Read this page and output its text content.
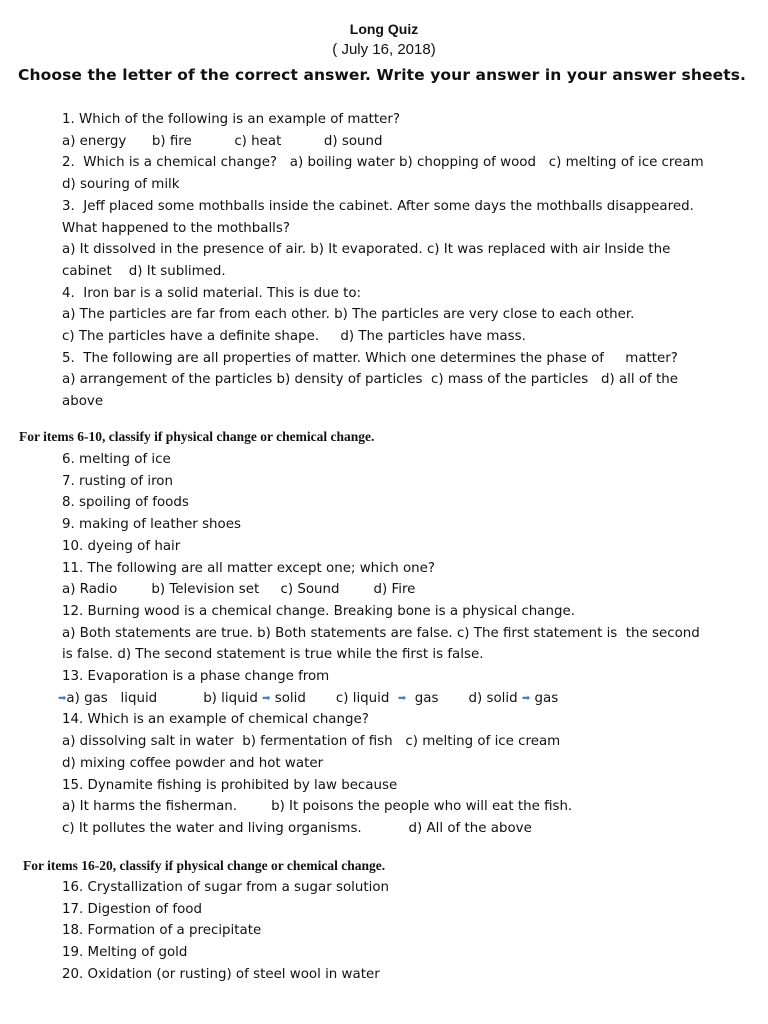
Long Quiz
( July 16, 2018)
Choose the letter of the correct answer. Write your answer in your answer sheets.

1. Which of the following is an example of matter?

a) energy      b) fire          c) heat          d) sound

2.  Which is a chemical change?   a) boiling water b) chopping of wood   c) melting of ice cream

d) souring of milk

3.  Jeff placed some mothballs inside the cabinet. After some days the mothballs disappeared.

What happened to the mothballs?

a) It dissolved in the presence of air. b) It evaporated. c) It was replaced with air Inside the

cabinet    d) It sublimed.

4.  Iron bar is a solid material. This is due to:

a) The particles are far from each other. b) The particles are very close to each other.

c) The particles have a definite shape.     d) The particles have mass.

5.  The following are all properties of matter. Which one determines the phase of     matter?

a) arrangement of the particles b) density of particles  c) mass of the particles   d) all of the

above

For items 6-10, classify if physical change or chemical change.

6. melting of ice

7. rusting of iron

8. spoiling of foods

9. making of leather shoes

10. dyeing of hair

11. The following are all matter except one; which one?

a) Radio        b) Television set     c) Sound        d) Fire

12. Burning wood is a chemical change. Breaking bone is a physical change.

a) Both statements are true. b) Both statements are false. c) The first statement is  the second

is false. d) The second statement is true while the first is false.

13. Evaporation is a phase change from

➡a) gas   liquid	b) liquid ➡ solid c) liquid ➡ gas d) solid ➡ gas

14. Which is an example of chemical change?

a) dissolving salt in water  b) fermentation of fish   c) melting of ice cream

d) mixing coffee powder and hot water

15. Dynamite fishing is prohibited by law because

a) It harms the fisherman.        b) It poisons the people who will eat the fish.

c) It pollutes the water and living organisms.           d) All of the above

For items 16-20, classify if physical change or chemical change.

16. Crystallization of sugar from a sugar solution

17. Digestion of food

18. Formation of a precipitate

19. Melting of gold

20. Oxidation (or rusting) of steel wool in water
